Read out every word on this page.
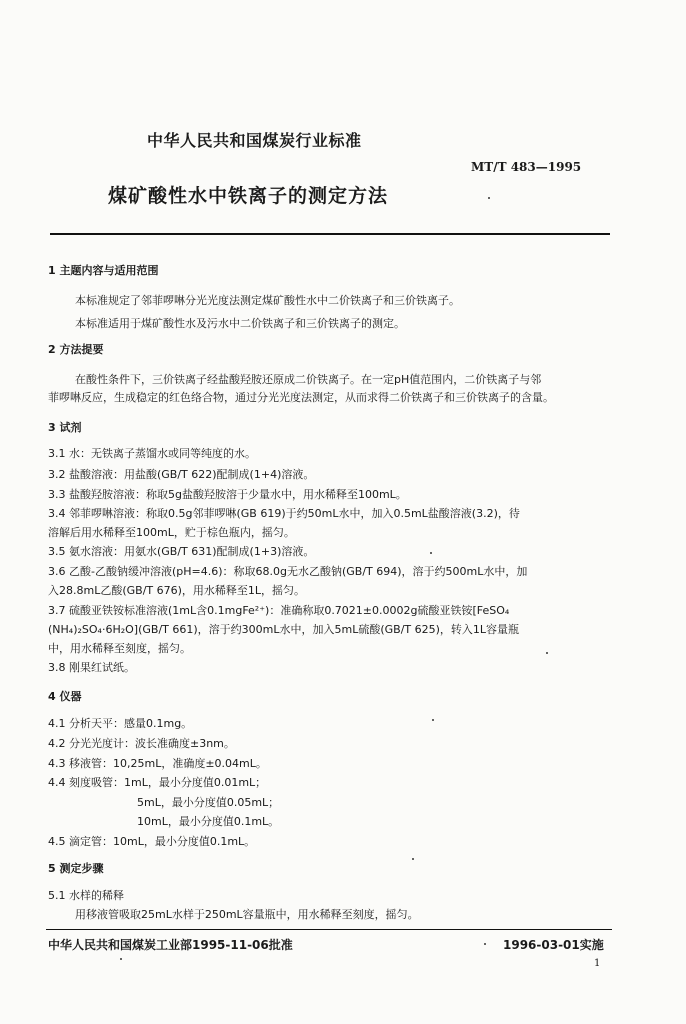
中华人民共和国煤炭行业标准
MT/T 483—1995
煤矿酸性水中铁离子的测定方法
1 主题内容与适用范围
本标准规定了邻菲啰啉分光光度法测定煤矿酸性水中二价铁离子和三价铁离子。
本标准适用于煤矿酸性水及污水中二价铁离子和三价铁离子的测定。
2 方法提要
在酸性条件下，三价铁离子经盐酸羟胺还原成二价铁离子。在一定pH值范围内，二价铁离子与邻
菲啰啉反应，生成稳定的红色络合物，通过分光光度法测定，从而求得二价铁离子和三价铁离子的含量。
3 试剂
3.1 水：无铁离子蒸馏水或同等纯度的水。
3.2 盐酸溶液：用盐酸(GB/T 622)配制成(1+4)溶液。
3.3 盐酸羟胺溶液：称取5g盐酸羟胺溶于少量水中，用水稀释至100mL。
3.4 邻菲啰啉溶液：称取0.5g邻菲啰啉(GB 619)于约50mL水中，加入0.5mL盐酸溶液(3.2)，待
溶解后用水稀释至100mL，贮于棕色瓶内，摇匀。
3.5 氨水溶液：用氨水(GB/T 631)配制成(1+3)溶液。
3.6 乙酸-乙酸钠缓冲溶液(pH=4.6)：称取68.0g无水乙酸钠(GB/T 694)，溶于约500mL水中，加
入28.8mL乙酸(GB/T 676)，用水稀释至1L，摇匀。
3.7 硫酸亚铁铵标准溶液(1mL含0.1mgFe²⁺)：准确称取0.7021±0.0002g硫酸亚铁铵[FeSO₄
(NH₄)₂SO₄·6H₂O](GB/T 661)，溶于约300mL水中，加入5mL硫酸(GB/T 625)，转入1L容量瓶
中，用水稀释至刻度，摇匀。
3.8 刚果红试纸。
4 仪器
4.1 分析天平：感量0.1mg。
4.2 分光光度计：波长准确度±3nm。
4.3 移液管：10,25mL，准确度±0.04mL。
4.4 刻度吸管：1mL，最小分度值0.01mL；
5mL，最小分度值0.05mL；
10mL，最小分度值0.1mL。
4.5 滴定管：10mL，最小分度值0.1mL。
5 测定步骤
5.1 水样的稀释
用移液管吸取25mL水样于250mL容量瓶中，用水稀释至刻度，摇匀。
中华人民共和国煤炭工业部1995-11-06批准	1996-03-01实施
1
